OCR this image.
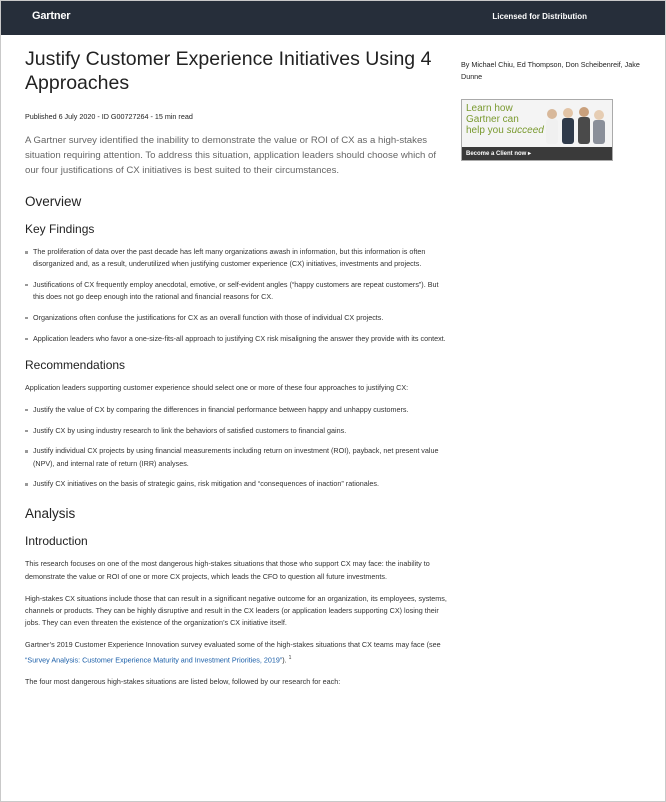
Gartner	Licensed for Distribution
Justify Customer Experience Initiatives Using 4 Approaches
Published 6 July 2020 - ID G00727264 - 15 min read
A Gartner survey identified the inability to demonstrate the value or ROI of CX as a high-stakes situation requiring attention. To address this situation, application leaders should choose which of our four justifications of CX initiatives is best suited to their circumstances.
Overview
Key Findings
The proliferation of data over the past decade has left many organizations awash in information, but this information is often disorganized and, as a result, underutilized when justifying customer experience (CX) initiatives, investments and projects.
Justifications of CX frequently employ anecdotal, emotive, or self-evident angles (“happy customers are repeat customers”). But this does not go deep enough into the rational and financial reasons for CX.
Organizations often confuse the justifications for CX as an overall function with those of individual CX projects.
Application leaders who favor a one-size-fits-all approach to justifying CX risk misaligning the answer they provide with its context.
Recommendations

Application leaders supporting customer experience should select one or more of these four approaches to justifying CX:

Justify the value of CX by comparing the differences in financial performance between happy and unhappy customers.
Justify CX by using industry research to link the behaviors of satisfied customers to financial gains.
Justify individual CX projects by using financial measurements including return on investment (ROI), payback, net present value (NPV), and internal rate of return (IRR) analyses.
Justify CX initiatives on the basis of strategic gains, risk mitigation and “consequences of inaction” rationales.
Analysis
Introduction

This research focuses on one of the most dangerous high-stakes situations that those who support CX may face: the inability to demonstrate the value or ROI of one or more CX projects, which leads the CFO to question all future investments.

High-stakes CX situations include those that can result in a significant negative outcome for an organization, its employees, systems, channels or products. They can be highly disruptive and result in the CX leaders (or application leaders supporting CX) losing their jobs. They can even threaten the existence of the organization’s CX initiative itself.

Gartner’s 2019 Customer Experience Innovation survey evaluated some of the high-stakes situations that CX teams may face (see “Survey Analysis: Customer Experience Maturity and Investment Priorities, 2019”). $^1$

The four most dangerous high-stakes situations are listed below, followed by our research for each:

By Michael Chiu, Ed Thompson, Don Scheibenreif, Jake Dunne
Learn how
Gartner can
help you succeed
Become a Client now ▸
